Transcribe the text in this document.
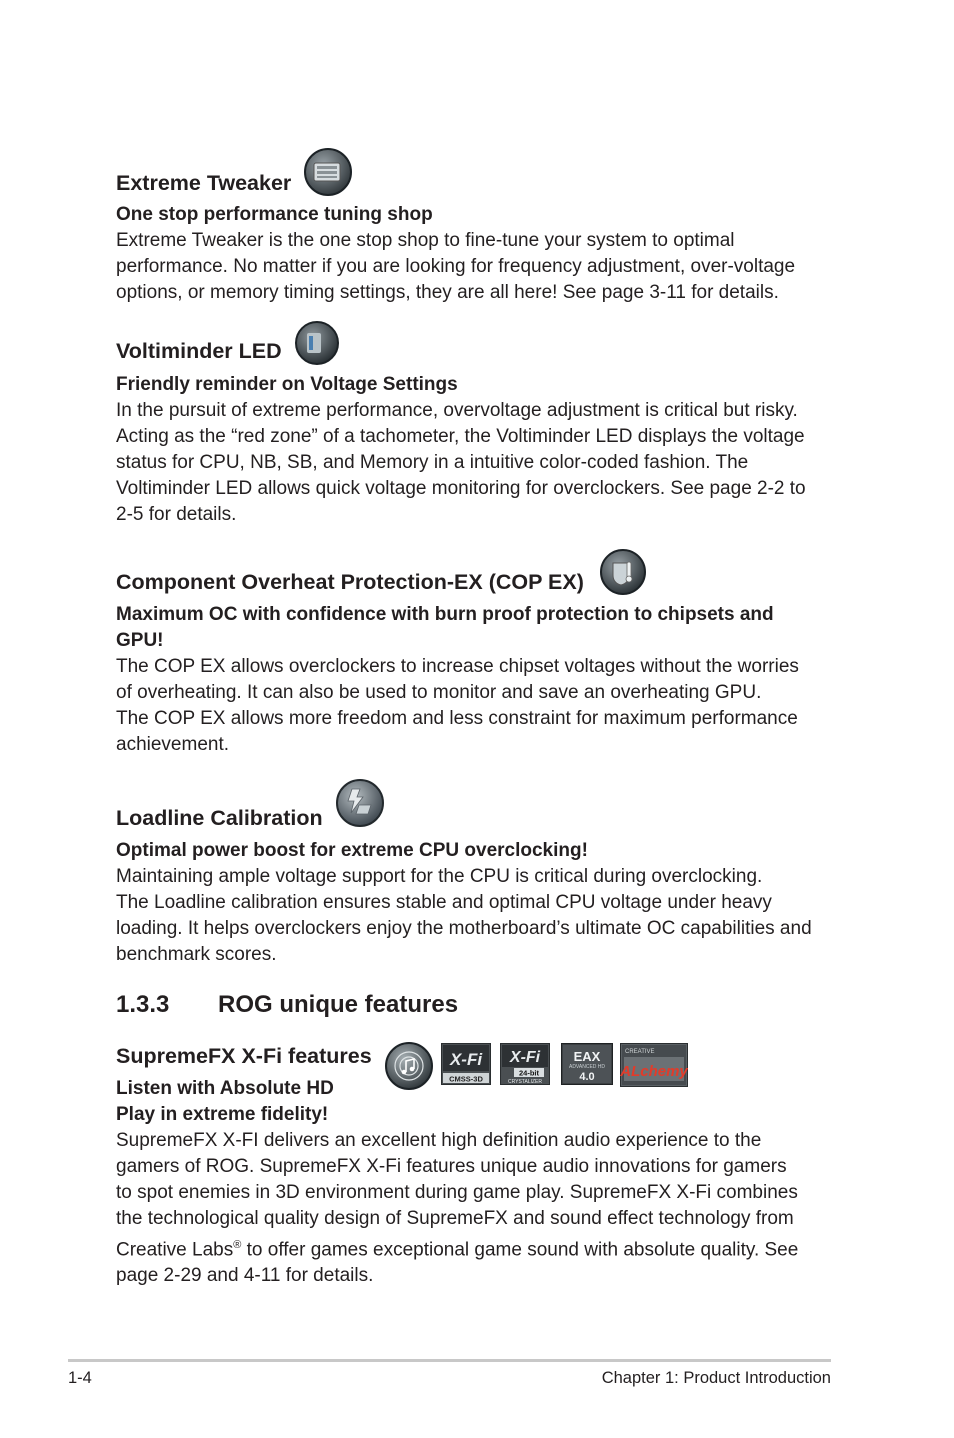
Extreme Tweaker
One stop performance tuning shop
Extreme Tweaker is the one stop shop to fine-tune your system to optimal
performance. No matter if you are looking for frequency adjustment, over-voltage
options, or memory timing settings, they are all here! See page 3-11 for details.
Voltiminder LED
Friendly reminder on Voltage Settings
In the pursuit of extreme performance, overvoltage adjustment is critical but risky.
Acting as the “red zone” of a tachometer, the Voltiminder LED displays the voltage
status for CPU, NB, SB, and Memory in a intuitive color-coded fashion. The
Voltiminder LED allows quick voltage monitoring for overclockers. See page 2-2 to
2-5 for details.
Component Overheat Protection-EX (COP EX)
Maximum OC with confidence with burn proof protection to chipsets and
GPU!
The COP EX allows overclockers to increase chipset voltages without the worries
of overheating. It can also be used to monitor and save an overheating GPU.
The COP EX allows more freedom and less constraint for maximum performance
achievement.
Loadline Calibration
Optimal power boost for extreme CPU overclocking!
Maintaining ample voltage support for the CPU is critical during overclocking.
The Loadline calibration ensures stable and optimal CPU voltage under heavy
loading. It helps overclockers enjoy the motherboard’s ultimate OC capabilities and
benchmark scores.
1.3.3 ROG unique features
SupremeFX X-Fi features
Listen with Absolute HD
Play in extreme fidelity!
X-Fi
CMSS-3D
X-Fi
24-bit
CRYSTALIZER
EAX
ADVANCED HD
4.0
CREATIVE
ALchemy
SupremeFX X-FI delivers an excellent high definition audio experience to the
gamers of ROG. SupremeFX X-Fi features unique audio innovations for gamers
to spot enemies in 3D environment during game play. SupremeFX X-Fi combines
the technological quality design of SupremeFX and sound effect technology from
Creative Labs® to offer games exceptional game sound with absolute quality. See
page 2-29 and 4-11 for details.
1-4	Chapter 1: Product Introduction
